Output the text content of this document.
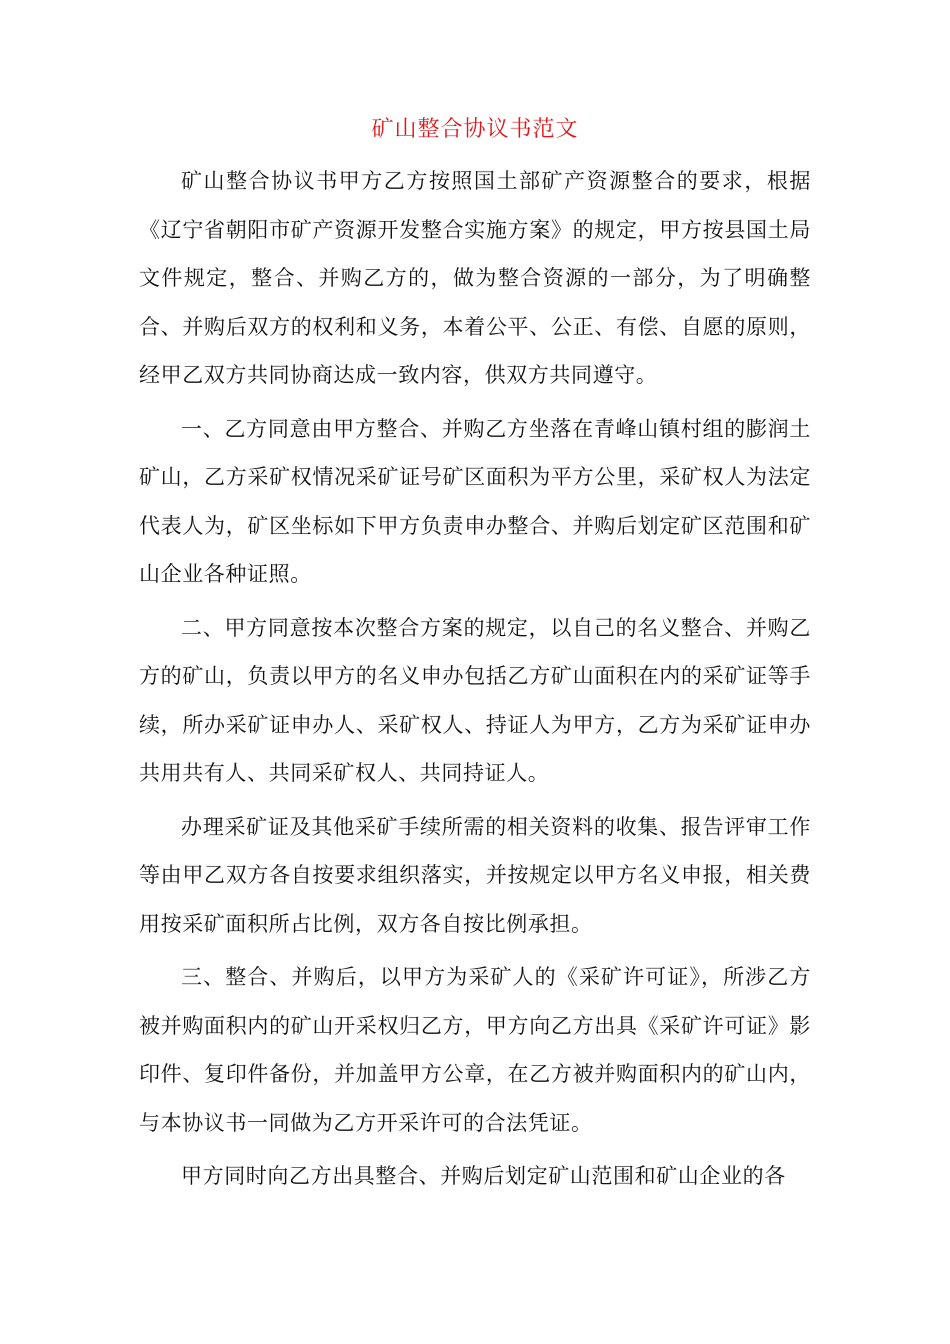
矿山整合协议书范文

矿山整合协议书甲方乙方按照国土部矿产资源整合的要求，根据《辽宁省朝阳市矿产资源开发整合实施方案》的规定，甲方按县国土局文件规定，整合、并购乙方的，做为整合资源的一部分，为了明确整合、并购后双方的权利和义务，本着公平、公正、有偿、自愿的原则，经甲乙双方共同协商达成一致内容，供双方共同遵守。

一、乙方同意由甲方整合、并购乙方坐落在青峰山镇村组的膨润土矿山，乙方采矿权情况采矿证号矿区面积为平方公里，采矿权人为法定代表人为，矿区坐标如下甲方负责申办整合、并购后划定矿区范围和矿山企业各种证照。

二、甲方同意按本次整合方案的规定，以自己的名义整合、并购乙方的矿山，负责以甲方的名义申办包括乙方矿山面积在内的采矿证等手续，所办采矿证申办人、采矿权人、持证人为甲方，乙方为采矿证申办共用共有人、共同采矿权人、共同持证人。

办理采矿证及其他采矿手续所需的相关资料的收集、报告评审工作等由甲乙双方各自按要求组织落实，并按规定以甲方名义申报，相关费用按采矿面积所占比例，双方各自按比例承担。

三、整合、并购后，以甲方为采矿人的《采矿许可证》，所涉乙方被并购面积内的矿山开采权归乙方，甲方向乙方出具《采矿许可证》影印件、复印件备份，并加盖甲方公章，在乙方被并购面积内的矿山内，与本协议书一同做为乙方开采许可的合法凭证。

甲方同时向乙方出具整合、并购后划定矿山范围和矿山企业的各
